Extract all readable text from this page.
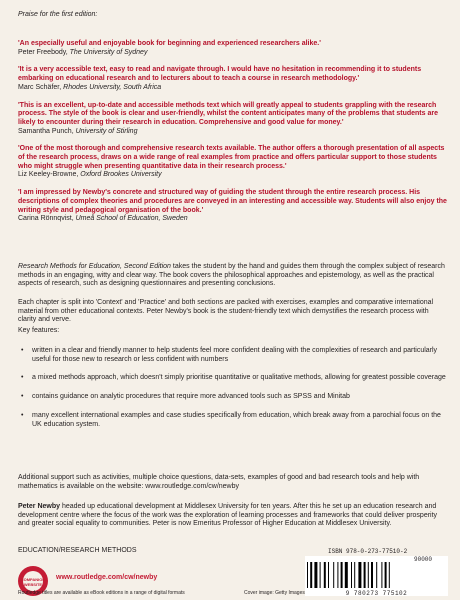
Praise for the first edition:
'An especially useful and enjoyable book for beginning and experienced researchers alike.'
Peter Freebody, The University of Sydney
'It is a very accessible text, easy to read and navigate through. I would have no hesitation in recommending it to students embarking on educational research and to lecturers about to teach a course in research methodology.'
Marc Schäfer, Rhodes University, South Africa
'This is an excellent, up-to-date and accessible methods text which will greatly appeal to students grappling with the research process. The style of the book is clear and user-friendly, whilst the content anticipates many of the problems that students are likely to encounter during their research in education. Comprehensive and good value for money.'
Samantha Punch, University of Stirling
'One of the most thorough and comprehensive research texts available. The author offers a thorough presentation of all aspects of the research process, draws on a wide range of real examples from practice and offers particular support to those students who might struggle when presenting quantitative data in their research process.'
Liz Keeley-Browne, Oxford Brookes University
'I am impressed by Newby's concrete and structured way of guiding the student through the entire research process. His descriptions of complex theories and procedures are conveyed in an interesting and accessible way. Students will also enjoy the writing style and pedagogical organisation of the book.'
Carina Rönnqvist, Umeå School of Education, Sweden
Research Methods for Education, Second Edition takes the student by the hand and guides them through the complex subject of research methods in an engaging, witty and clear way. The book covers the philosophical approaches and epistemology, as well as the practical aspects of research, such as designing questionnaires and presenting conclusions.
Each chapter is split into 'Context' and 'Practice' and both sections are packed with exercises, examples and comparative international material from other educational contexts. Peter Newby's book is the student-friendly text which demystifies the research process with clarity and verve.
Key features:
• written in a clear and friendly manner to help students feel more confident dealing with the complexities of research and particularly useful for those new to research or less confident with numbers
• a mixed methods approach, which doesn't simply prioritise quantitative or qualitative methods, allowing for greatest possible coverage
• contains guidance on analytic procedures that require more advanced tools such as SPSS and Minitab
• many excellent international examples and case studies specifically from education, which break away from a parochial focus on the UK education system.
Additional support such as activities, multiple choice questions, data-sets, examples of good and bad research tools and help with mathematics is available on the website: www.routledge.com/cw/newby
Peter Newby headed up educational development at Middlesex University for ten years. After this he set up an education research and development centre where the focus of the work was the exploration of learning processes and frameworks that could deliver prosperity and greater social equality to communities. Peter is now Emeritus Professor of Higher Education at Middlesex University.
EDUCATION/RESEARCH METHODS
COMPANION WEBSITE
www.routledge.com/cw/newby
ISBN 978-0-273-77510-2
90000
9 780273 775102
Routledge titles are available as eBook editions in a range of digital formats	Cover image: Getty Images
